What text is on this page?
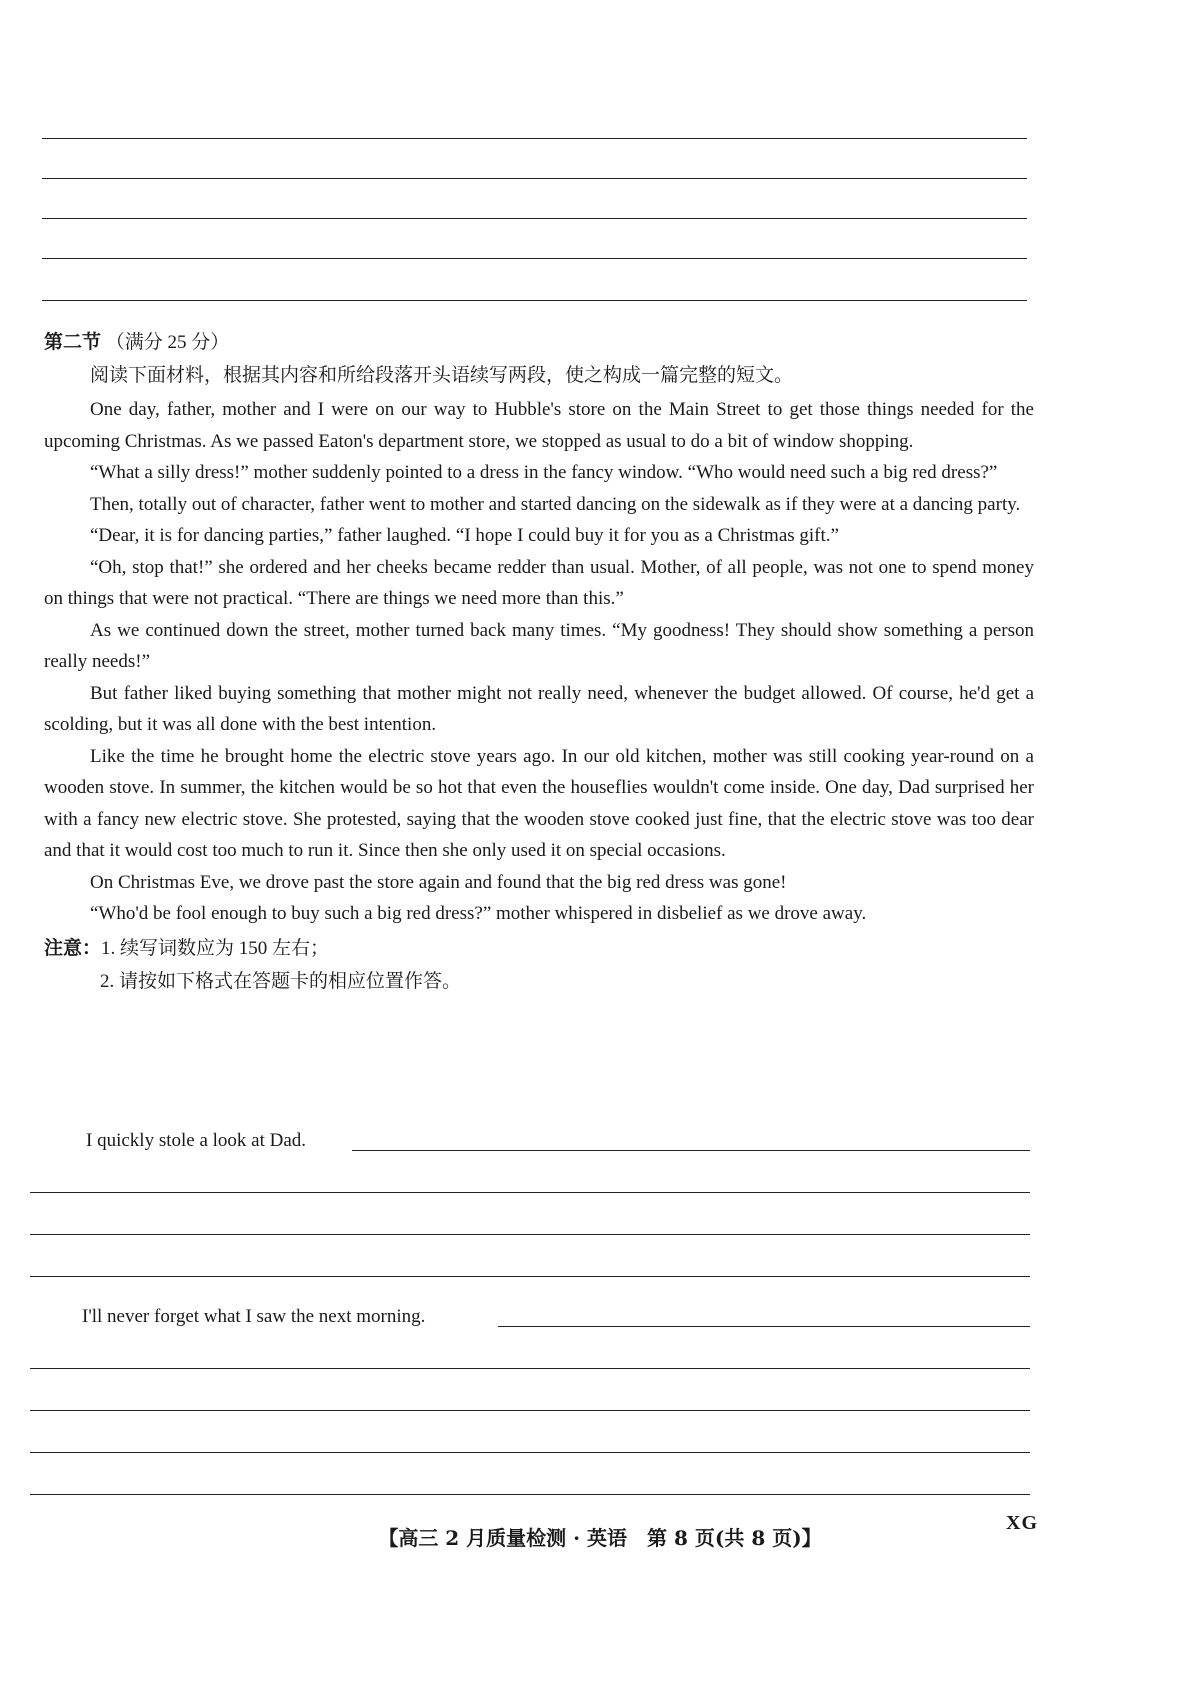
第二节 （满分 25 分）
阅读下面材料，根据其内容和所给段落开头语续写两段，使之构成一篇完整的短文。

One day, father, mother and I were on our way to Hubble's store on the Main Street to get those things needed for the upcoming Christmas. As we passed Eaton's department store, we stopped as usual to do a bit of window shopping.

“What a silly dress!” mother suddenly pointed to a dress in the fancy window. “Who would need such a big red dress?”

Then, totally out of character, father went to mother and started dancing on the sidewalk as if they were at a dancing party.

“Dear, it is for dancing parties,” father laughed. “I hope I could buy it for you as a Christmas gift.”

“Oh, stop that!” she ordered and her cheeks became redder than usual. Mother, of all people, was not one to spend money on things that were not practical. “There are things we need more than this.”

As we continued down the street, mother turned back many times. “My goodness! They should show something a person really needs!”

But father liked buying something that mother might not really need, whenever the budget allowed. Of course, he'd get a scolding, but it was all done with the best intention.

Like the time he brought home the electric stove years ago. In our old kitchen, mother was still cooking year-round on a wooden stove. In summer, the kitchen would be so hot that even the houseflies wouldn't come inside. One day, Dad surprised her with a fancy new electric stove. She protested, saying that the wooden stove cooked just fine, that the electric stove was too dear and that it would cost too much to run it. Since then she only used it on special occasions.

On Christmas Eve, we drove past the store again and found that the big red dress was gone!

“Who'd be fool enough to buy such a big red dress?” mother whispered in disbelief as we drove away.

注意：1. 续写词数应为 150 左右；
2. 请按如下格式在答题卡的相应位置作答。
I quickly stole a look at Dad.
I'll never forget what I saw the next morning.
【高三 2 月质量检测 · 英语　第 8 页(共 8 页)】
XG
